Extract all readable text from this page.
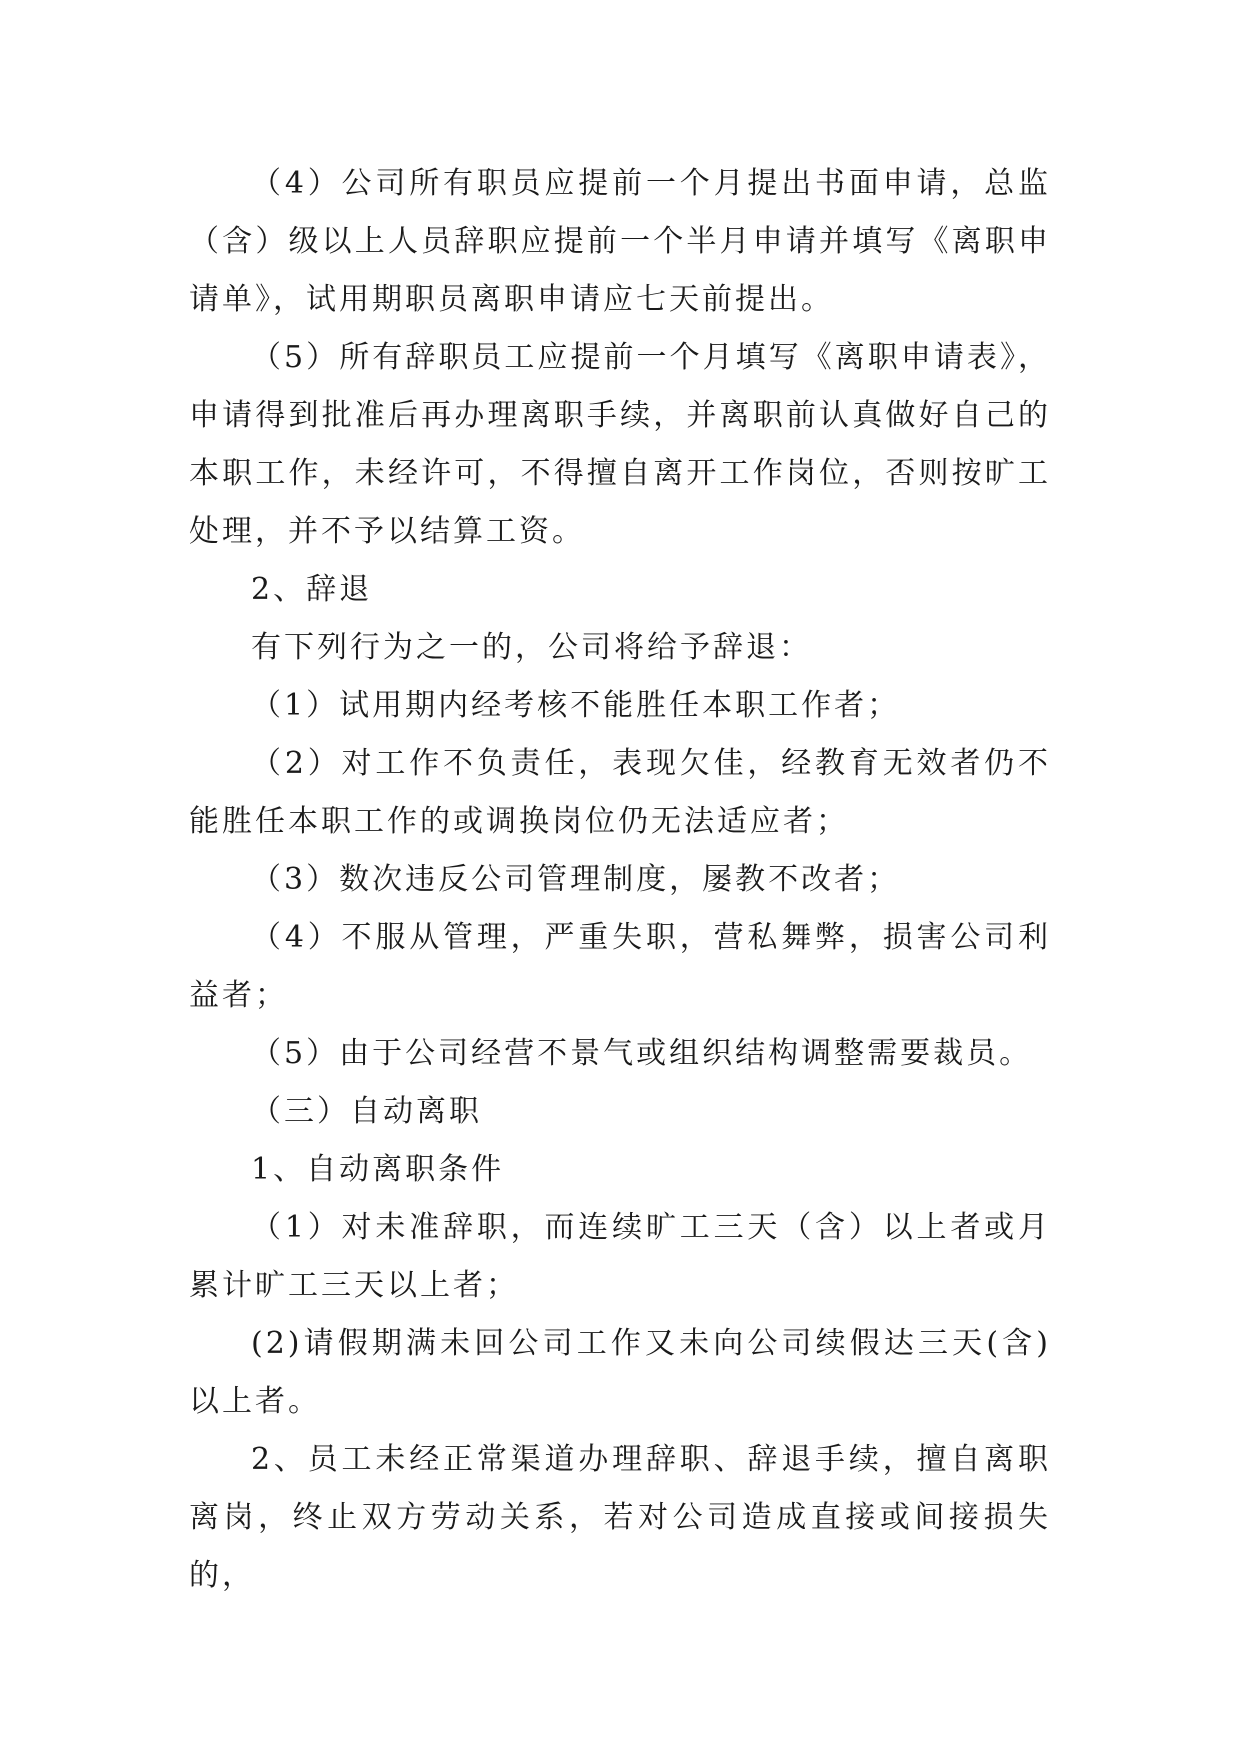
（4）公司所有职员应提前一个月提出书面申请，总监（含）级以上人员辞职应提前一个半月申请并填写《离职申请单》，试用期职员离职申请应七天前提出。

（5）所有辞职员工应提前一个月填写《离职申请表》，申请得到批准后再办理离职手续，并离职前认真做好自己的本职工作，未经许可，不得擅自离开工作岗位，否则按旷工处理，并不予以结算工资。

2、辞退

有下列行为之一的，公司将给予辞退：

（1）试用期内经考核不能胜任本职工作者；

（2）对工作不负责任，表现欠佳，经教育无效者仍不能胜任本职工作的或调换岗位仍无法适应者；

（3）数次违反公司管理制度，屡教不改者；

（4）不服从管理，严重失职，营私舞弊，损害公司利益者；

（5）由于公司经营不景气或组织结构调整需要裁员。

（三）自动离职

1、自动离职条件

（1）对未准辞职，而连续旷工三天（含）以上者或月累计旷工三天以上者；

(2)请假期满未回公司工作又未向公司续假达三天(含)以上者。

2、员工未经正常渠道办理辞职、辞退手续，擅自离职离岗，终止双方劳动关系，若对公司造成直接或间接损失的，
